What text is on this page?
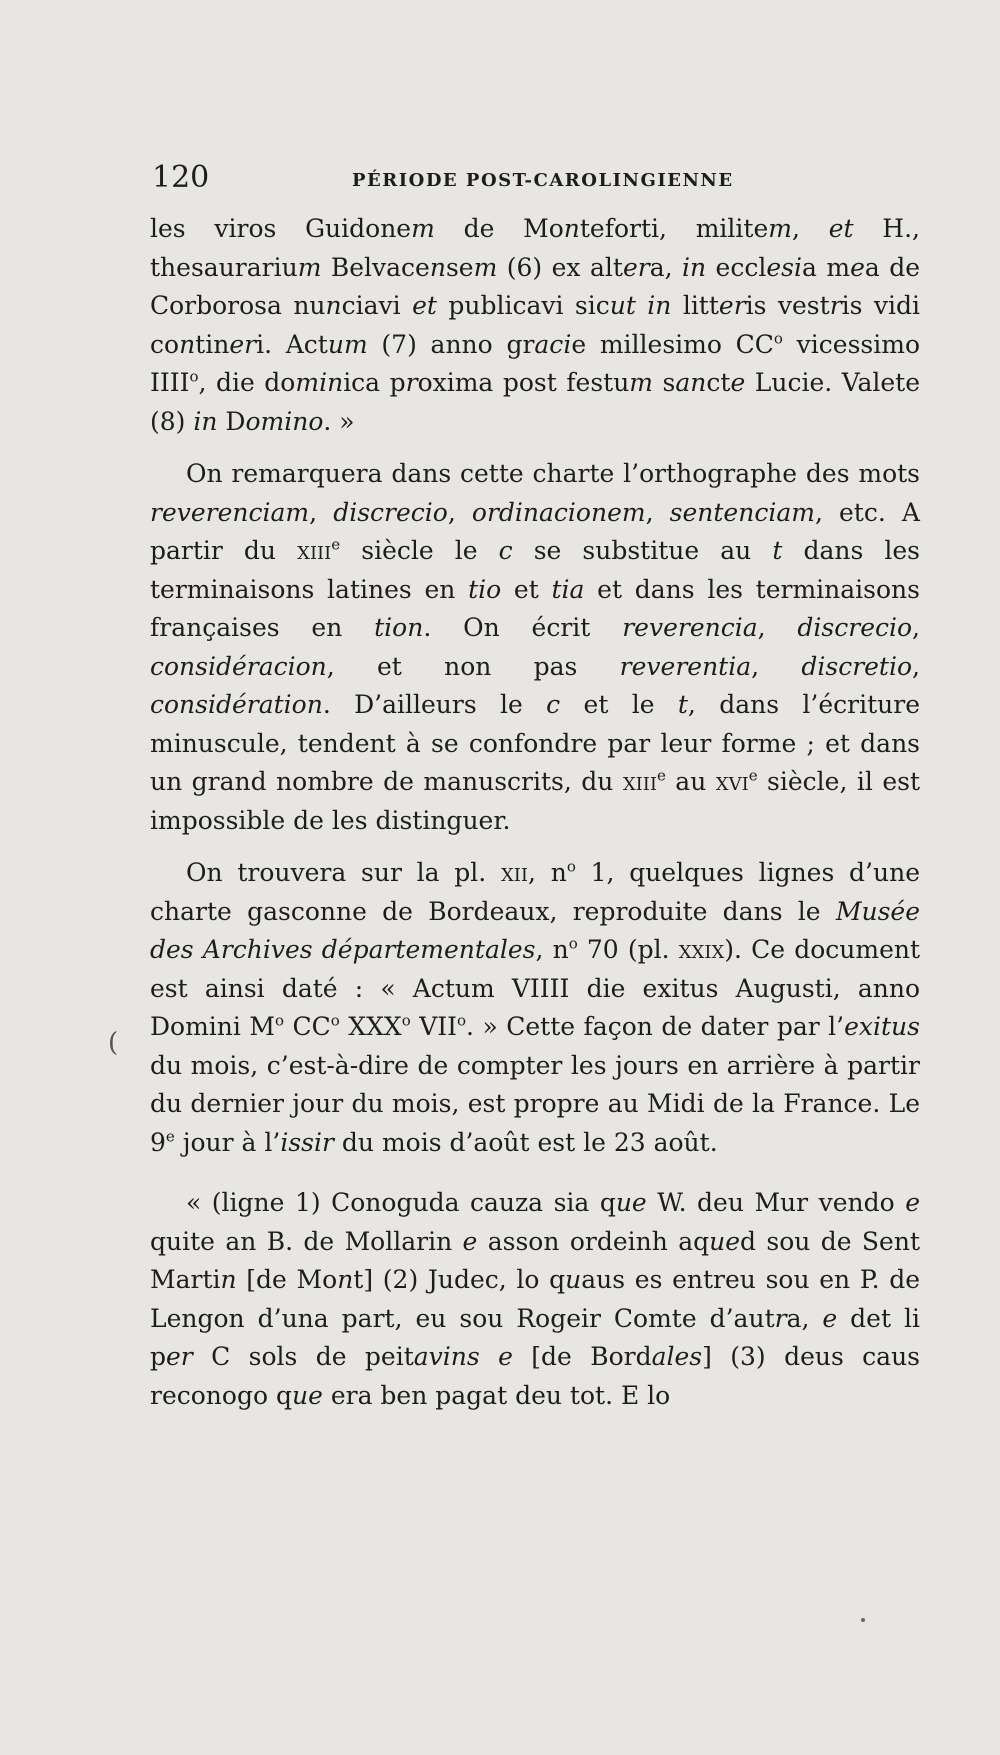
120	PÉRIODE POST-CAROLINGIENNE

les viros Guidonem de Monteforti, militem, et H., thesaurarium Belvacensem (6) ex altera, in ecclesia mea de Corborosa nunciavi et publicavi sicut in litteris vestris vidi contineri. Actum (7) anno gracie millesimo $CC^o$ vicessimo IIII$^o$, die dominica proxima post festum sancte Lucie. Valete (8) in Domino. »

On remarquera dans cette charte l’orthographe des mots reverenciam, discrecio, ordinacionem, sentenciam, etc. A partir du xiii$^e$ siècle le c se substitue au t dans les terminaisons latines en tio et tia et dans les terminaisons françaises en tion. On écrit reverencia, discrecio, considéracion, et non pas reverentia, discretio, considération. D’ailleurs le c et le t, dans l’écriture minuscule, tendent à se confondre par leur forme ; et dans un grand nombre de manuscrits, du xiii$^e$ au xvi$^e$ siècle, il est impossible de les distinguer.

On trouvera sur la pl. xii, $n^o$ 1, quelques lignes d’une charte gasconne de Bordeaux, reproduite dans le Musée des Archives départementales, $n^o$ 70 (pl. xxix). Ce document est ainsi daté : « Actum VIIII die exitus Augusti, anno Domini $M^o$ $CC^o$ XXX$^o$ VII$^o$. » Cette façon de dater par l’exitus du mois, c’est-à-dire de compter les jours en arrière à partir du dernier jour du mois, est propre au Midi de la France. Le 9e jour à l’issir du mois d’août est le 23 août.

« (ligne 1) Conoguda cauza sia que W. deu Mur vendo e quite an B. de Mollarin e asson ordeinh aqued sou de Sent Martin [de Mont] (2) Judec, lo quaus es entreu sou en P. de Lengon d’una part, eu sou Rogeir Comte d’autra, e det li per C sols de peitavins e [de Bordales] (3) deus caus reconogo que era ben pagat deu tot. E lo

(
